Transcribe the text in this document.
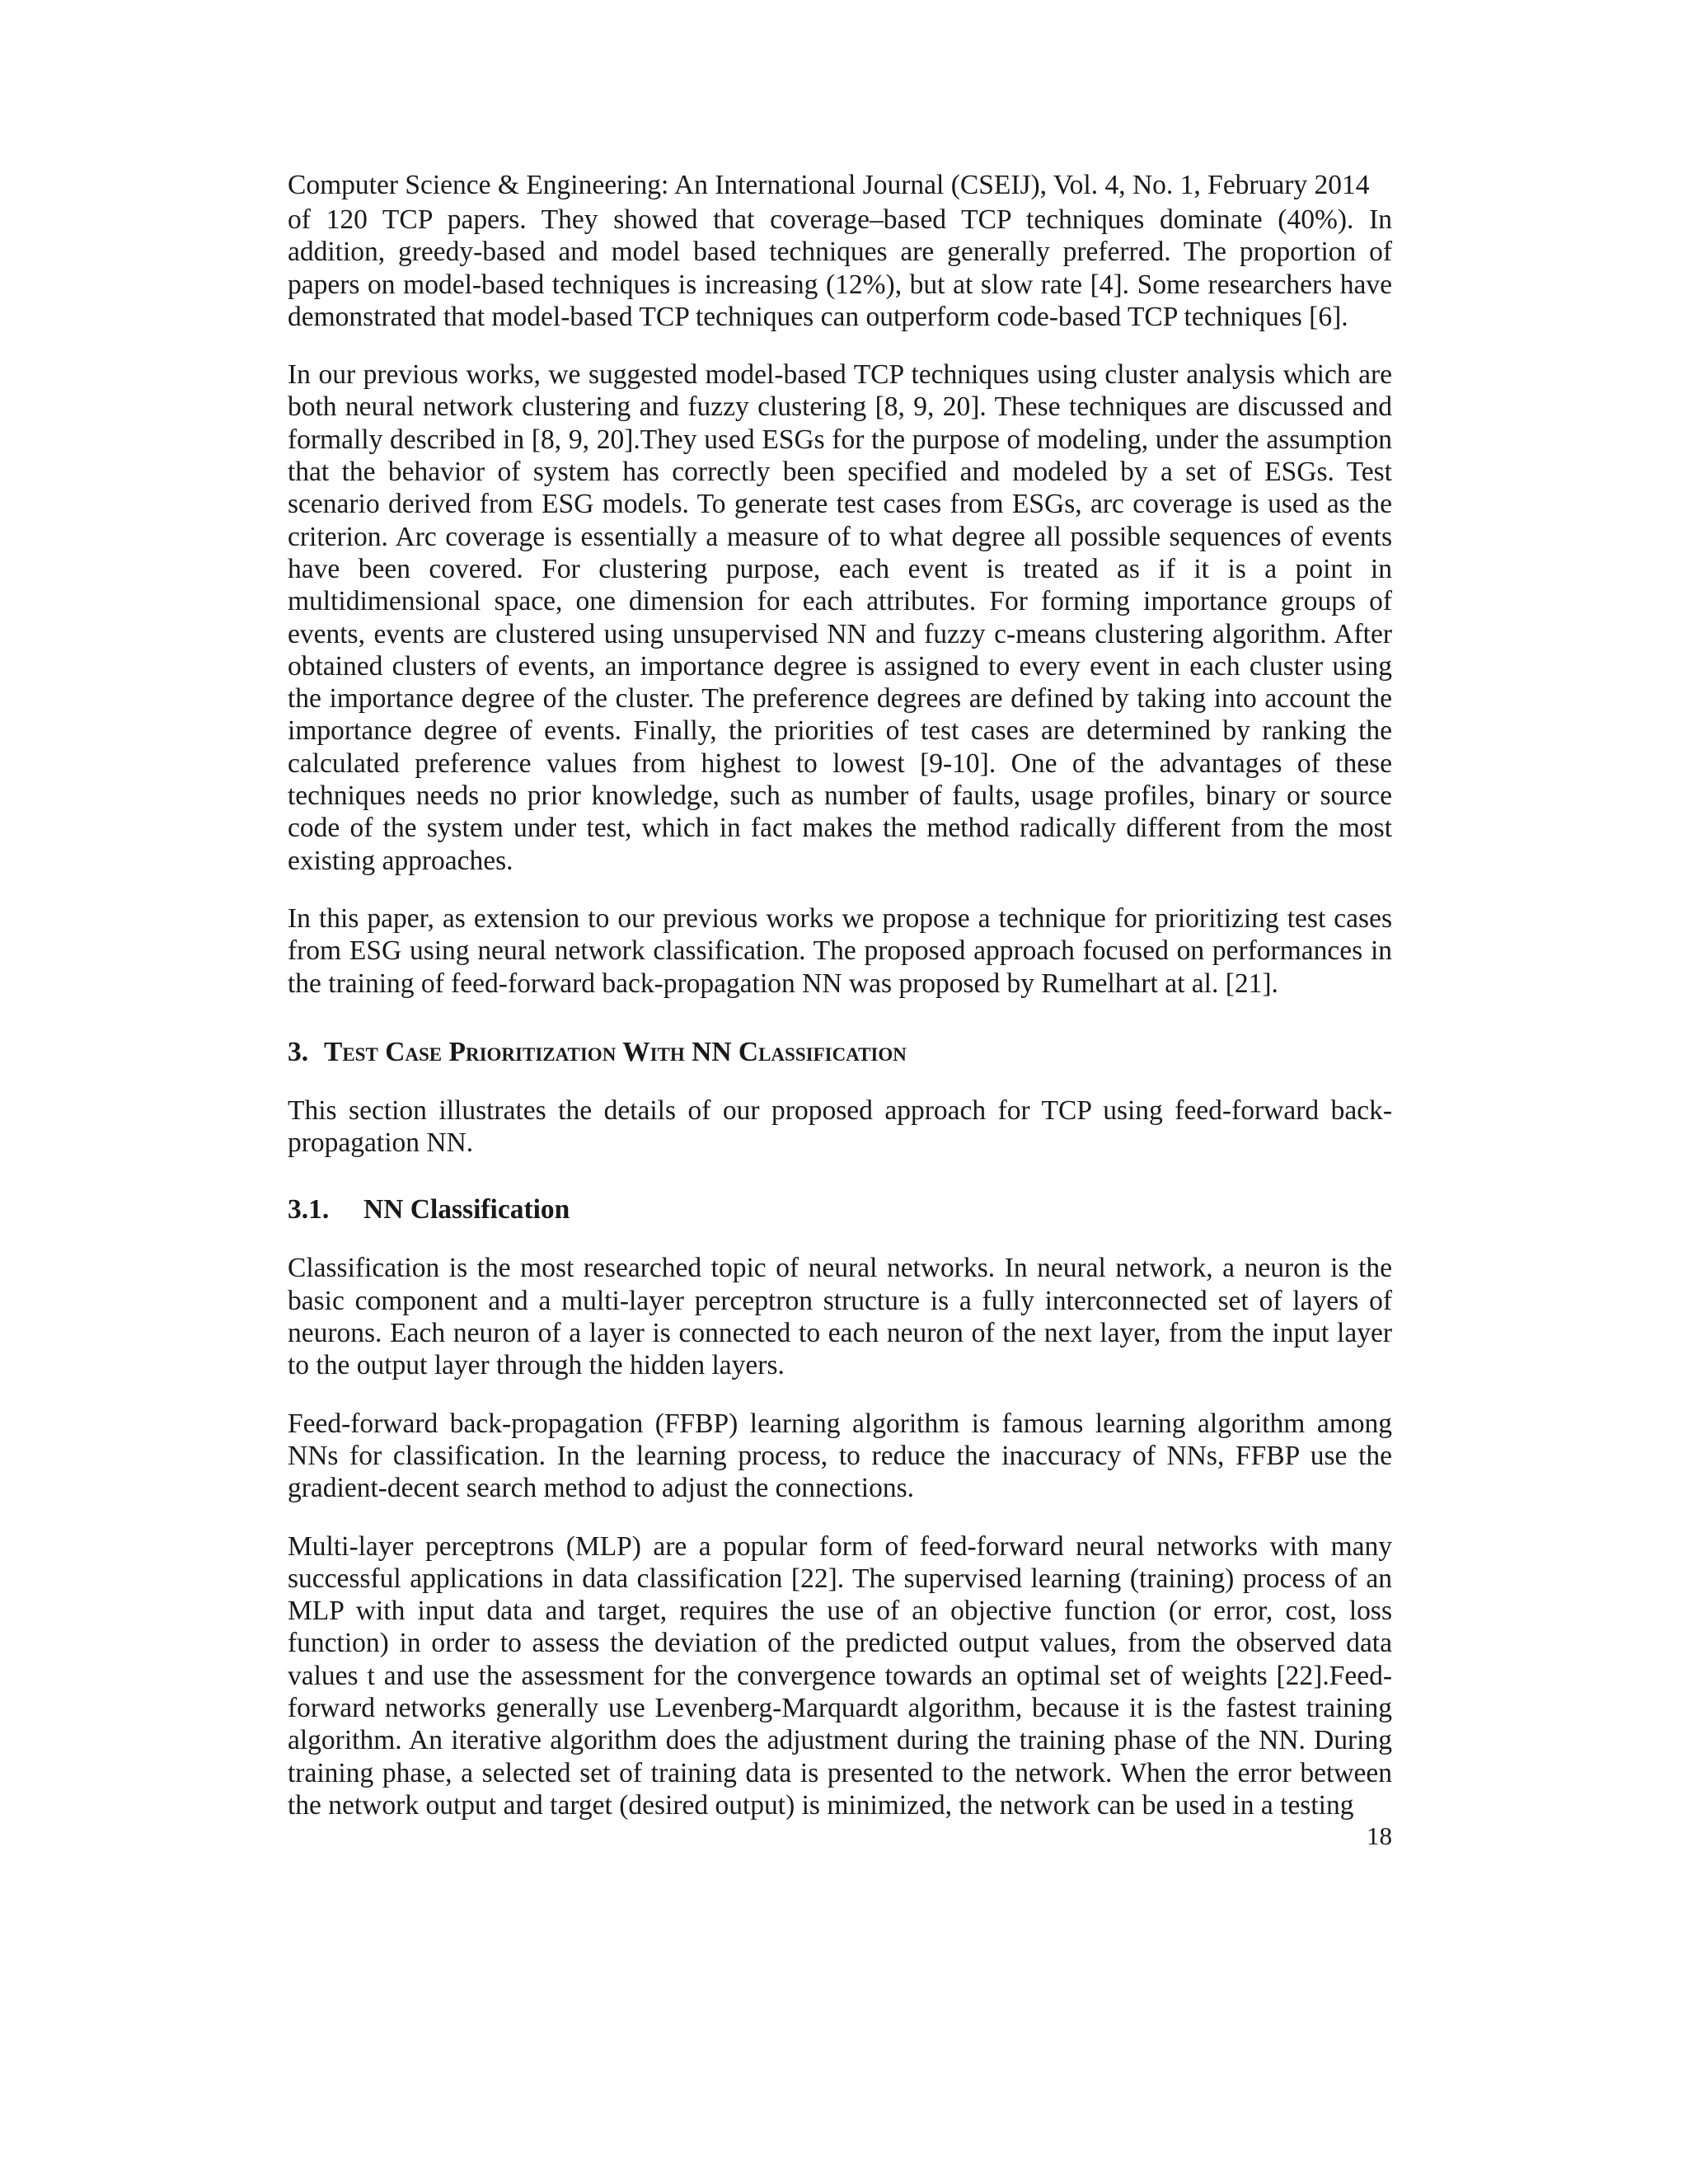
Computer Science & Engineering: An International Journal (CSEIJ), Vol. 4, No. 1, February 2014

of 120 TCP papers. They showed that coverage–based TCP techniques dominate (40%). In addition, greedy-based and model based techniques are generally preferred. The proportion of papers on model-based techniques is increasing (12%), but at slow rate [4]. Some researchers have demonstrated that model-based TCP techniques can outperform code-based TCP techniques [6].

In our previous works, we suggested model-based TCP techniques using cluster analysis which are both neural network clustering and fuzzy clustering [8, 9, 20]. These techniques are discussed and formally described in [8, 9, 20].They used ESGs for the purpose of modeling, under the assumption that the behavior of system has correctly been specified and modeled by a set of ESGs. Test scenario derived from ESG models. To generate test cases from ESGs, arc coverage is used as the criterion. Arc coverage is essentially a measure of to what degree all possible sequences of events have been covered. For clustering purpose, each event is treated as if it is a point in multidimensional space, one dimension for each attributes. For forming importance groups of events, events are clustered using unsupervised NN and fuzzy c-means clustering algorithm. After obtained clusters of events, an importance degree is assigned to every event in each cluster using the importance degree of the cluster. The preference degrees are defined by taking into account the importance degree of events. Finally, the priorities of test cases are determined by ranking the calculated preference values from highest to lowest [9-10]. One of the advantages of these techniques needs no prior knowledge, such as number of faults, usage profiles, binary or source code of the system under test, which in fact makes the method radically different from the most existing approaches.

In this paper, as extension to our previous works we propose a technique for prioritizing test cases from ESG using neural network classification. The proposed approach focused on performances in the training of feed-forward back-propagation NN was proposed by Rumelhart at al. [21].

3. Test Case Prioritization With NN Classification

This section illustrates the details of our proposed approach for TCP using feed-forward back-propagation NN.

3.1. NN Classification

Classification is the most researched topic of neural networks. In neural network, a neuron is the basic component and a multi-layer perceptron structure is a fully interconnected set of layers of neurons. Each neuron of a layer is connected to each neuron of the next layer, from the input layer to the output layer through the hidden layers.

Feed-forward back-propagation (FFBP) learning algorithm is famous learning algorithm among NNs for classification. In the learning process, to reduce the inaccuracy of NNs, FFBP use the gradient-decent search method to adjust the connections.

Multi-layer perceptrons (MLP) are a popular form of feed-forward neural networks with many successful applications in data classification [22]. The supervised learning (training) process of an MLP with input data and target, requires the use of an objective function (or error, cost, loss function) in order to assess the deviation of the predicted output values, from the observed data values t and use the assessment for the convergence towards an optimal set of weights [22].Feed-forward networks generally use Levenberg-Marquardt algorithm, because it is the fastest training algorithm. An iterative algorithm does the adjustment during the training phase of the NN. During training phase, a selected set of training data is presented to the network. When the error between the network output and target (desired output) is minimized, the network can be used in a testing

18
